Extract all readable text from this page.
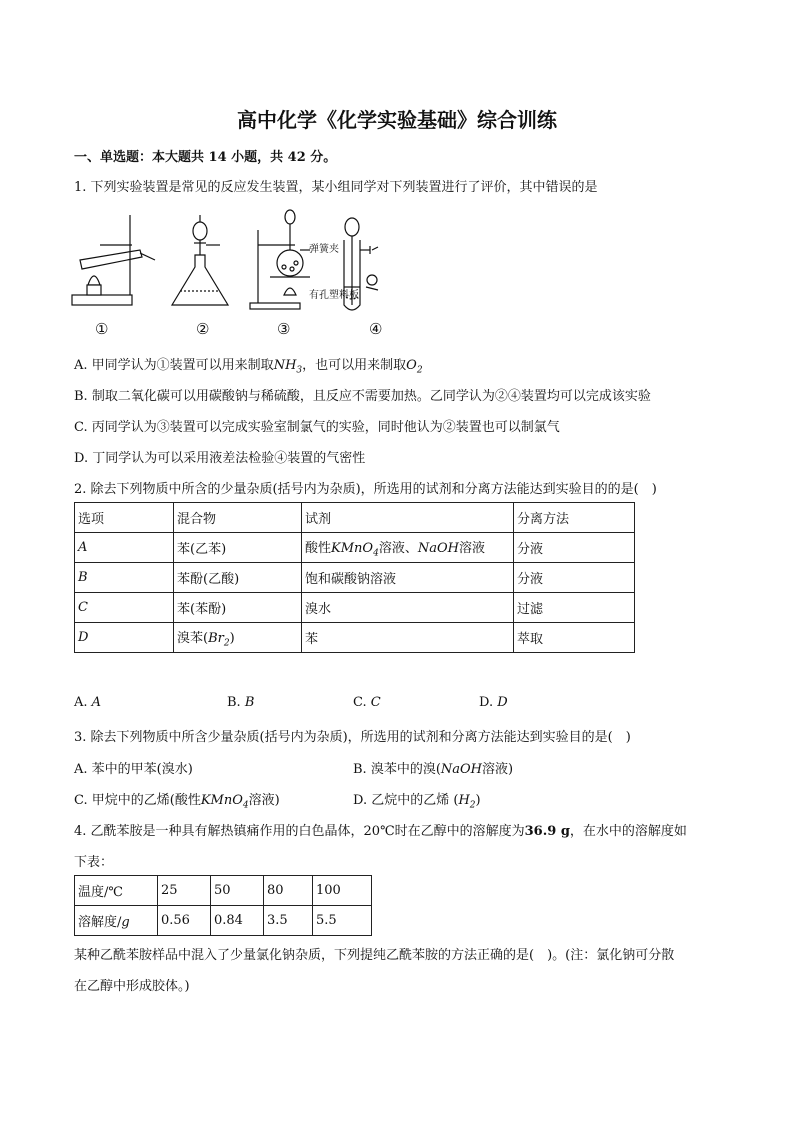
高中化学《化学实验基础》综合训练
一、单选题：本大题共 14 小题，共 42 分。
1. 下列实验装置是常见的反应发生装置，某小组同学对下列装置进行了评价，其中错误的是
弹簧夹
有孔塑料板
①	②	③	④
A. 甲同学认为①装置可以用来制取$NH_3$，也可以用来制取$O_2$
B. 制取二氧化碳可以用碳酸钠与稀硫酸，且反应不需要加热。乙同学认为②④装置均可以完成该实验
C. 丙同学认为③装置可以完成实验室制氯气的实验，同时他认为②装置也可以制氯气
D. 丁同学认为可以采用液差法检验④装置的气密性
2. 除去下列物质中所含的少量杂质(括号内为杂质)，所选用的试剂和分离方法能达到实验目的的是(　)
选项	混合物	试剂	分离方法
A	苯(乙苯)	酸性KMnO$_4$溶液、NaOH溶液	分液
B	苯酚(乙酸)	饱和碳酸钠溶液	分液
C	苯(苯酚)	溴水	过滤
D	溴苯$(Br_2)$	苯	萃取
A. A	B. B	C. C	D. D
3. 除去下列物质中所含少量杂质(括号内为杂质)，所选用的试剂和分离方法能达到实验目的是(　)
A. 苯中的甲苯(溴水)	B. 溴苯中的溴(NaOH溶液)
C. 甲烷中的乙烯(酸性KMnO$_4$溶液)	D. 乙烷中的乙烯 $(H_2)$
4. 乙酰苯胺是一种具有解热镇痛作用的白色晶体，20℃时在乙醇中的溶解度为36.9 g，在水中的溶解度如
下表：
温度/℃	25	50	80	100
溶解度/g	0.56	0.84	3.5	5.5
某种乙酰苯胺样品中混入了少量氯化钠杂质，下列提纯乙酰苯胺的方法正确的是(　)。(注：氯化钠可分散
在乙醇中形成胶体。)
